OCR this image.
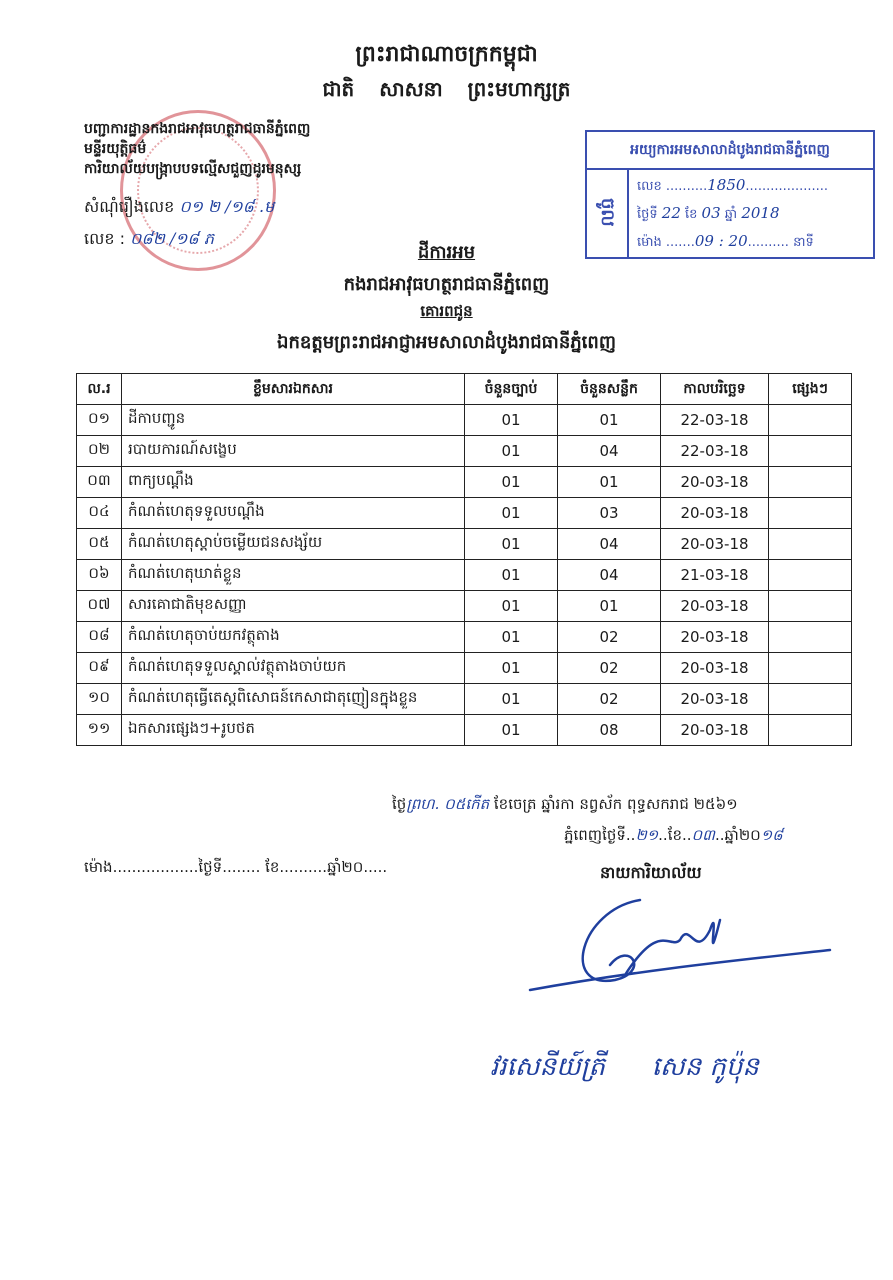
ព្រះរាជាណាចក្រកម្ពុជា
ជាតិ សាសនា ព្រះមហាក្សត្រ
បញ្ជាការដ្ឋានកងរាជអាវុធហត្ថរាជធានីភ្នំពេញ
មន្ទីរយុត្តិធម៌
ការិយាល័យបង្ក្រាបបទល្មើសជួញដូរមនុស្ស
សំណុំរឿងលេខ ០១ ២ /១៨ .ម
លេខ : ០៨២ /១៨ ភ
អយ្យការអមសាលាដំបូងរាជធានីភ្នំពេញ
ចូល
លេខ ..........1850....................
ថ្ងៃទី 22 ខែ 03 ឆ្នាំ 2018
ម៉ោង .......09 : 20.......... នាទី
ដីការអម
កងរាជអាវុធហត្ថរាជធានីភ្នំពេញ
គោរពជូន
ឯកឧត្តមព្រះរាជអាជ្ញាអមសាលាដំបូងរាជធានីភ្នំពេញ
ល.រ	ខ្លឹមសារឯកសារ	ចំនួនច្បាប់	ចំនួនសន្លឹក	កាលបរិច្ឆេទ	ផ្សេងៗ
០១	ដីកាបញ្ជូន	01	01	22-03-18	
០២	របាយការណ៍សង្ខេប	01	04	22-03-18	
០៣	ពាក្យបណ្តឹង	01	01	20-03-18	
០៤	កំណត់ហេតុទទួលបណ្តឹង	01	03	20-03-18	
០៥	កំណត់ហេតុស្តាប់ចម្លើយជនសង្ស័យ	01	04	20-03-18	
០៦	កំណត់ហេតុឃាត់ខ្លួន	01	04	21-03-18	
០៧	សារគោជាតិមុខសញ្ញា	01	01	20-03-18	
០៨	កំណត់ហេតុចាប់យកវត្ថុតាង	01	02	20-03-18	
០៩	កំណត់ហេតុទទួលស្គាល់វត្ថុតាងចាប់យក	01	02	20-03-18	
១០	កំណត់ហេតុធ្វើតេស្តពិសោធន៍កេសាជាតុញៀនក្នុងខ្លួន	01	02	20-03-18	
១១	ឯកសារផ្សេងៗ+រូបថត	01	08	20-03-18	
ថ្ងៃព្រហ. ០៥កើត ខែចេត្រ ឆ្នាំរកា នព្វស័ក ពុទ្ធសករាជ ២៥៦១
ភ្នំពេញថ្ងៃទី..២១..ខែ..០៣..ឆ្នាំ២០១៨
ម៉ោង..................ថ្ងៃទី........ ខែ..........ឆ្នាំ២០.....	នាយការិយាល័យ
វរសេនីយ៍ត្រី សេន កូប៉ុន
